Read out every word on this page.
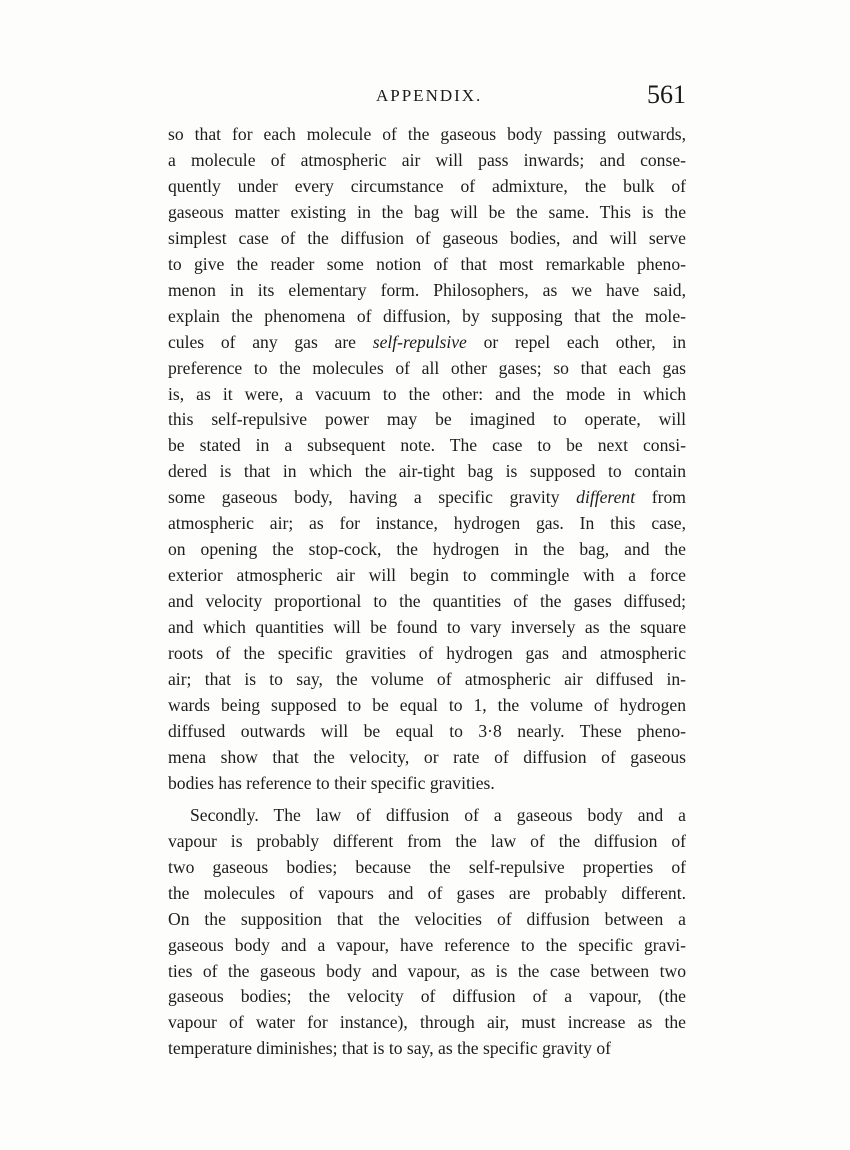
APPENDIX.	561
so that for each molecule of the gaseous body passing outwards,
a molecule of atmospheric air will pass inwards; and conse-
quently under every circumstance of admixture, the bulk of
gaseous matter existing in the bag will be the same. This is the
simplest case of the diffusion of gaseous bodies, and will serve
to give the reader some notion of that most remarkable pheno-
menon in its elementary form. Philosophers, as we have said,
explain the phenomena of diffusion, by supposing that the mole-
cules of any gas are self-repulsive or repel each other, in
preference to the molecules of all other gases; so that each gas
is, as it were, a vacuum to the other: and the mode in which
this self-repulsive power may be imagined to operate, will
be stated in a subsequent note. The case to be next consi-
dered is that in which the air-tight bag is supposed to contain
some gaseous body, having a specific gravity different from
atmospheric air; as for instance, hydrogen gas. In this case,
on opening the stop-cock, the hydrogen in the bag, and the
exterior atmospheric air will begin to commingle with a force
and velocity proportional to the quantities of the gases diffused;
and which quantities will be found to vary inversely as the square
roots of the specific gravities of hydrogen gas and atmospheric
air; that is to say, the volume of atmospheric air diffused in-
wards being supposed to be equal to 1, the volume of hydrogen
diffused outwards will be equal to 3·8 nearly. These pheno-
mena show that the velocity, or rate of diffusion of gaseous
bodies has reference to their specific gravities.
Secondly. The law of diffusion of a gaseous body and a
vapour is probably different from the law of the diffusion of
two gaseous bodies; because the self-repulsive properties of
the molecules of vapours and of gases are probably different.
On the supposition that the velocities of diffusion between a
gaseous body and a vapour, have reference to the specific gravi-
ties of the gaseous body and vapour, as is the case between two
gaseous bodies; the velocity of diffusion of a vapour, (the
vapour of water for instance), through air, must increase as the
temperature diminishes; that is to say, as the specific gravity of
